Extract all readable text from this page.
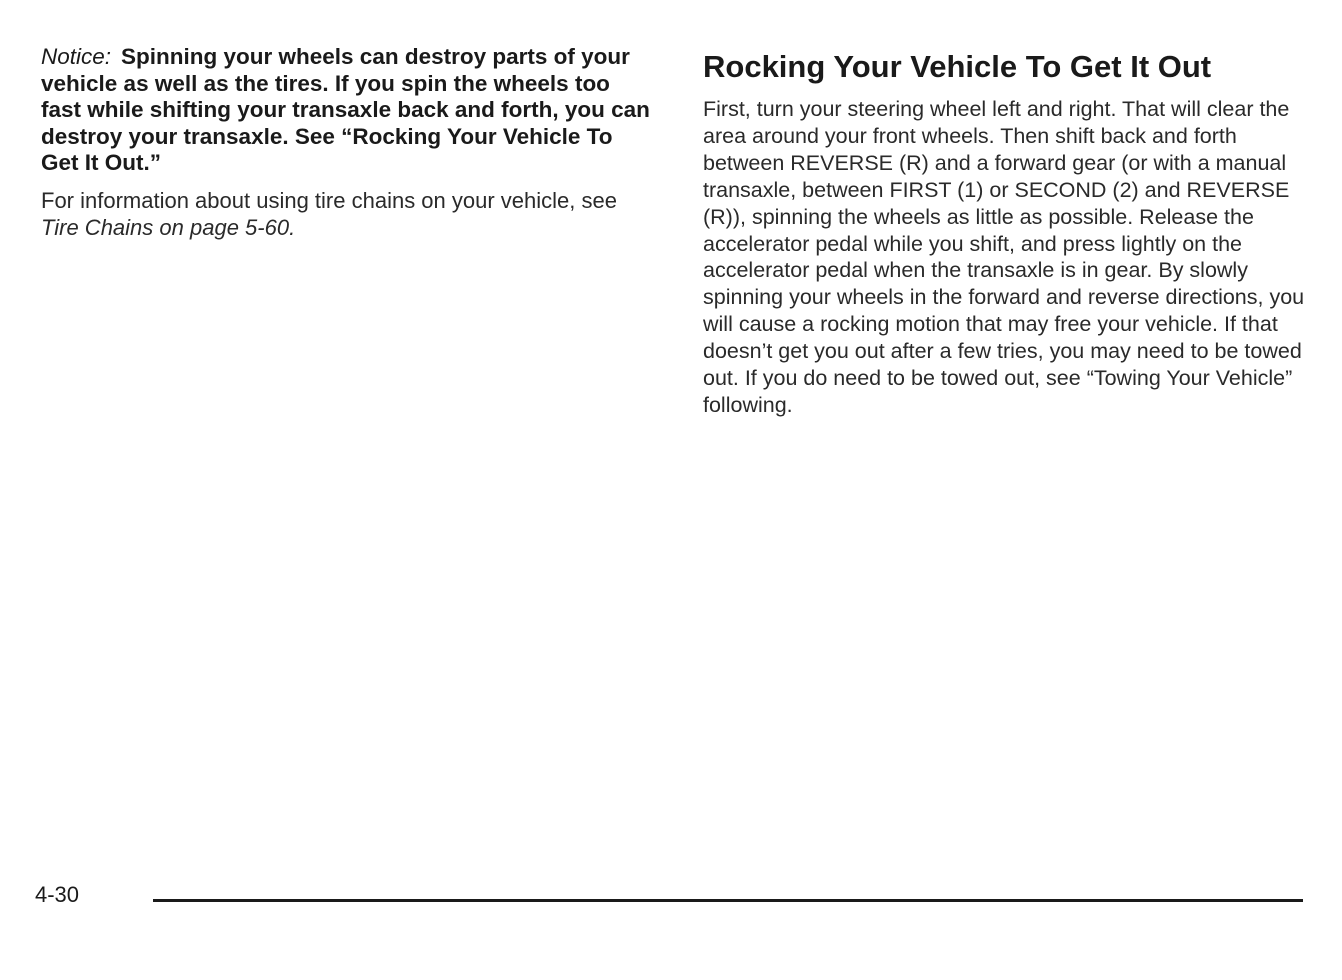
Notice: Spinning your wheels can destroy parts of your vehicle as well as the tires. If you spin the wheels too fast while shifting your transaxle back and forth, you can destroy your transaxle. See “Rocking Your Vehicle To Get It Out.”

For information about using tire chains on your vehicle, see Tire Chains on page 5-60.

Rocking Your Vehicle To Get It Out

First, turn your steering wheel left and right. That will clear the area around your front wheels. Then shift back and forth between REVERSE (R) and a forward gear (or with a manual transaxle, between FIRST (1) or SECOND (2) and REVERSE (R)), spinning the wheels as little as possible. Release the accelerator pedal while you shift, and press lightly on the accelerator pedal when the transaxle is in gear. By slowly spinning your wheels in the forward and reverse directions, you will cause a rocking motion that may free your vehicle. If that doesn’t get you out after a few tries, you may need to be towed out. If you do need to be towed out, see “Towing Your Vehicle” following.

4-30
